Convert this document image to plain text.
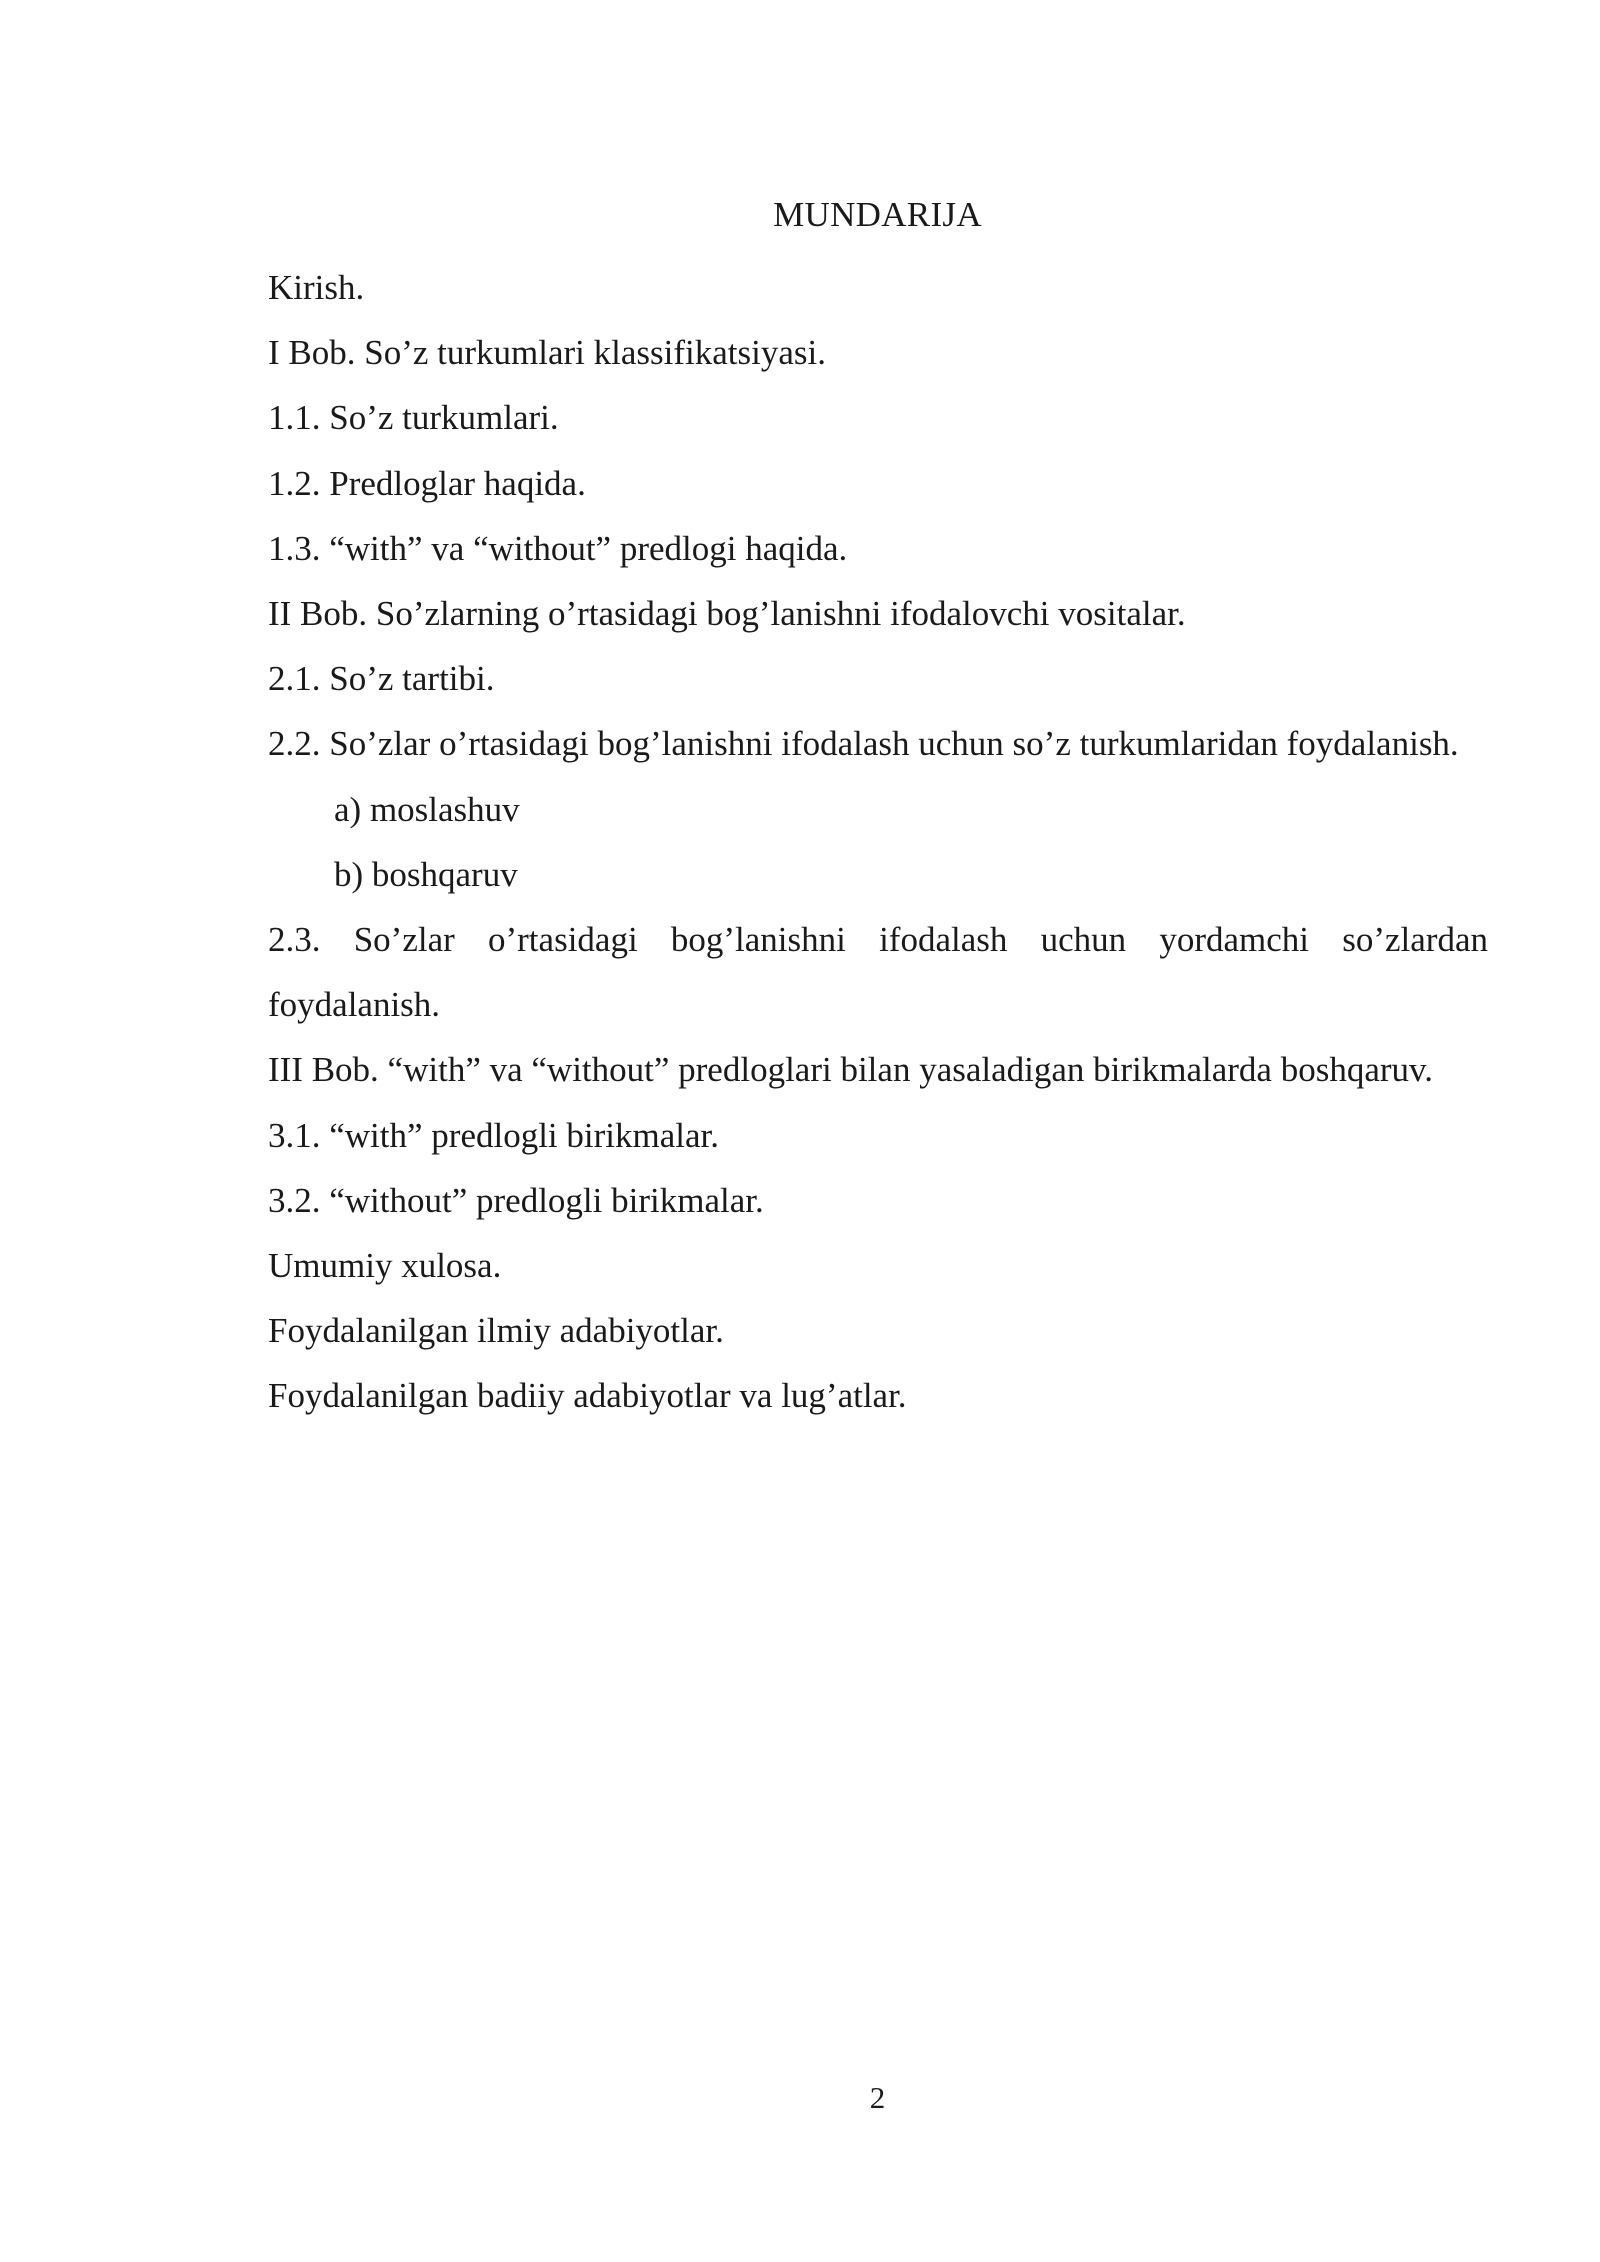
MUNDARIJA
Kirish.
I Bob. So’z turkumlari klassifikatsiyasi.
1.1. So’z turkumlari.
1.2. Predloglar haqida.
1.3. “with” va “without” predlogi haqida.
II Bob. So’zlarning o’rtasidagi bog’lanishni ifodalovchi vositalar.
2.1. So’z tartibi.
2.2. So’zlar o’rtasidagi bog’lanishni ifodalash uchun so’z turkumlaridan foydalanish.
a) moslashuv
b) boshqaruv
2.3. So’zlar o’rtasidagi bog’lanishni ifodalash uchun yordamchi so’zlardan foydalanish.
III Bob. “with” va “without” predloglari bilan yasaladigan birikmalarda boshqaruv.
3.1. “with” predlogli birikmalar.
3.2. “without” predlogli birikmalar.
Umumiy xulosa.
Foydalanilgan ilmiy adabiyotlar.
Foydalanilgan badiiy adabiyotlar va lug’atlar.
2
